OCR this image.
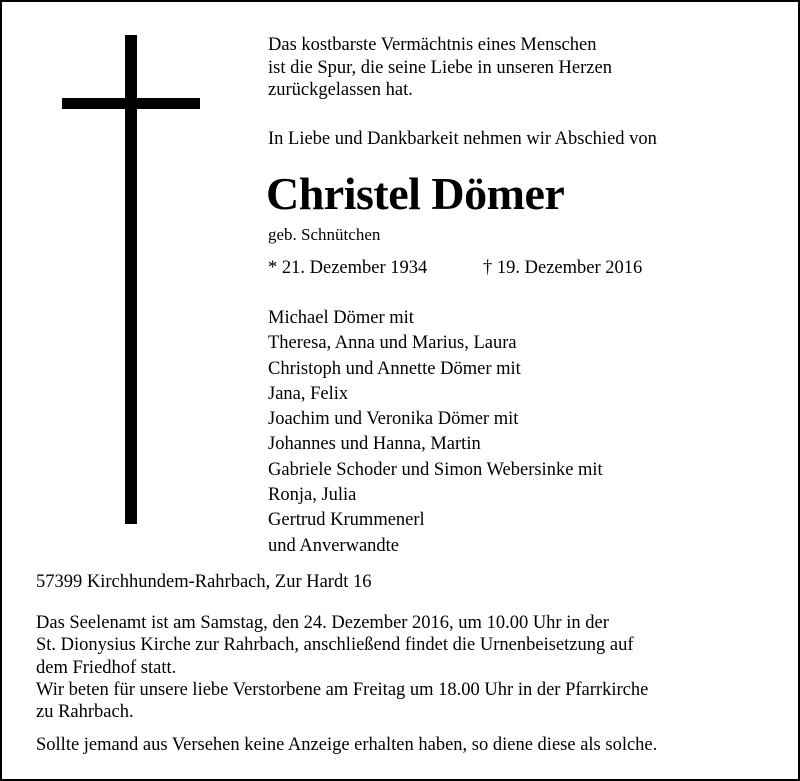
Das kostbarste Vermächtnis eines Menschen
ist die Spur, die seine Liebe in unseren Herzen
zurückgelassen hat.
In Liebe und Dankbarkeit nehmen wir Abschied von
Christel Dömer
geb. Schnütchen
* 21. Dezember 1934	† 19. Dezember 2016
Michael Dömer mit
Theresa, Anna und Marius, Laura
Christoph und Annette Dömer mit
Jana, Felix
Joachim und Veronika Dömer mit
Johannes und Hanna, Martin
Gabriele Schoder und Simon Webersinke mit
Ronja, Julia
Gertrud Krummenerl
und Anverwandte
57399 Kirchhundem-Rahrbach, Zur Hardt 16
Das Seelenamt ist am Samstag, den 24. Dezember 2016, um 10.00 Uhr in der
St. Dionysius Kirche zur Rahrbach, anschließend findet die Urnenbeisetzung auf
dem Friedhof statt.
Wir beten für unsere liebe Verstorbene am Freitag um 18.00 Uhr in der Pfarrkirche
zu Rahrbach.
Sollte jemand aus Versehen keine Anzeige erhalten haben, so diene diese als solche.
